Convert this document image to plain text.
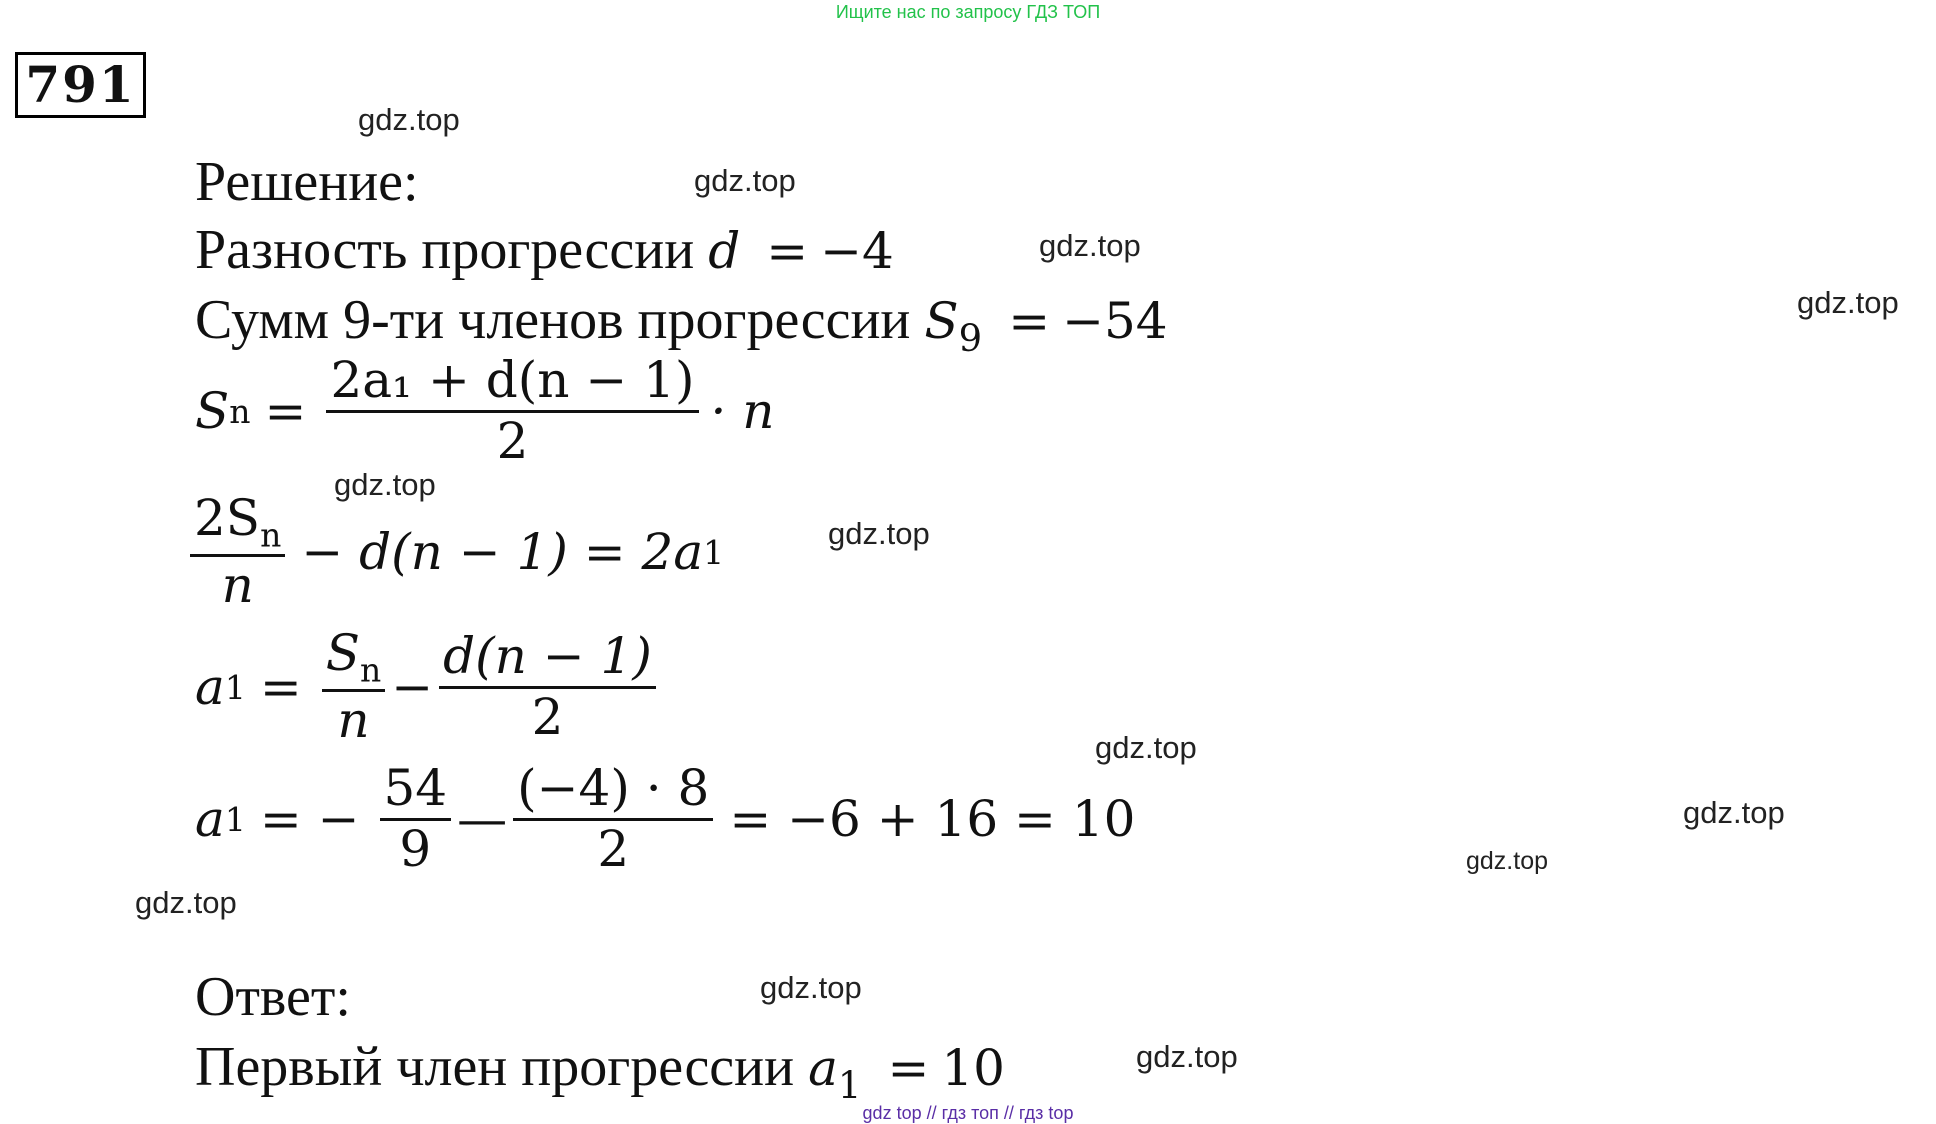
Ищите нас по запросу ГДЗ ТОП
791
gdz.top
gdz.top
gdz.top
gdz.top
gdz.top
gdz.top
gdz.top
gdz.top
gdz.top
gdz.top
gdz.top
gdz.top
Решение:
Разность прогрессии d = −4
Сумм 9-ти членов прогрессии $S_9 = -54$
S $n = \frac{\text{2a₁ + d(n − 1)}}{2} \cdot n$
$\frac{2S_n}{n} - d(n - 1) = 2a$ 1
a $1 = \frac{S_n}{n} - \frac{d(n - 1)}{2}$
a 1 = − $\frac{54}{9}$ — $\frac{(-4) \cdot 8}{2} = -6 + 16 = 10$
Ответ:
Первый член прогрессии $a_1 = 10$
gdz top // гдз топ // гдз top
